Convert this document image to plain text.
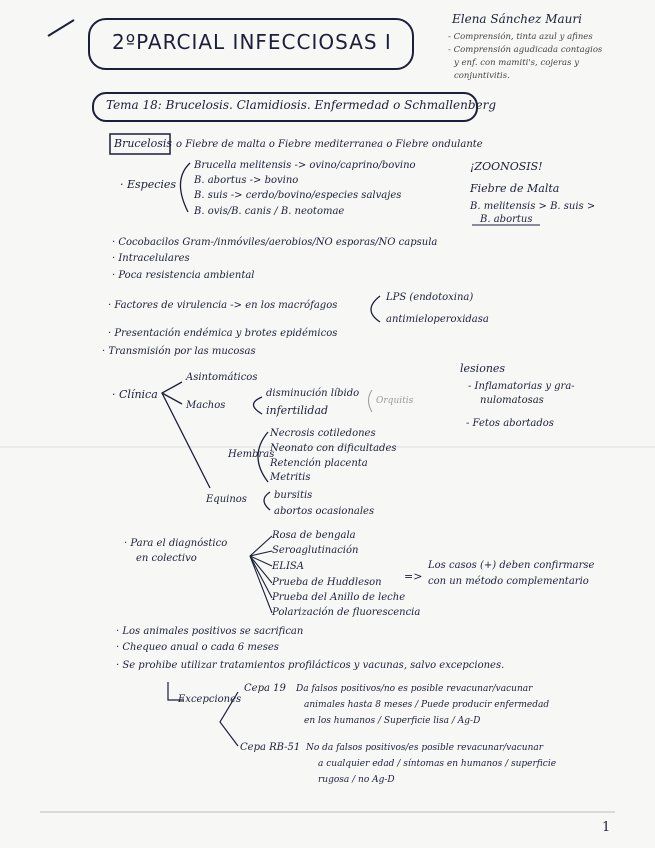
2ºPARCIAL INFECCIOSAS I
Elena Sánchez Mauri
- Comprensión, tinta azul y afines
- Comprensión agudicada contagios
y enf. con mamiti's, cojeras y
conjuntivitis.
Tema 18: Brucelosis. Clamidiosis. Enfermedad o Schmallenberg
Brucelosis o Fiebre de malta o Fiebre mediterranea o Fiebre ondulante
· Especies
Brucella melitensis -> ovino/caprino/bovino
B. abortus -> bovino
B. suis -> cerdo/bovino/especies salvajes
B. ovis/B. canis / B. neotomae
¡ZOONOSIS!
Fiebre de Malta
B. melitensis > B. suis >
B. abortus
· Cocobacilos Gram-/inmóviles/aerobios/NO esporas/NO capsula
· Intracelulares
· Poca resistencia ambiental
· Factores de virulencia -> en los macrófagos
LPS (endotoxina)
antimieloperoxidasa
· Presentación endémica y brotes epidémicos
· Transmisión por las mucosas
· Clínica
Asintomáticos
Machos
disminución líbido
infertilidad
Orquitis
Hembras
Necrosis cotiledones
Neonato con dificultades
Retención placenta
Metritis
Equinos	bursitis
abortos ocasionales
lesiones
- Inflamatorias y gra-
nulomatosas
- Fetos abortados
· Para el diagnóstico
en colectivo
Rosa de bengala
Seroaglutinación
ELISA
Prueba de Huddleson
Prueba del Anillo de leche
Polarización de fluorescencia
=>
Los casos (+) deben confirmarse
con un método complementario
· Los animales positivos se sacrifican
· Chequeo anual o cada 6 meses
· Se prohibe utilizar tratamientos profilácticos y vacunas, salvo excepciones.
Excepciones
Cepa 19 Da falsos positivos/no es posible revacunar/vacunar
animales hasta 8 meses / Puede producir enfermedad
en los humanos / Superficie lisa / Ag-D
Cepa RB-51 No da falsos positivos/es posible revacunar/vacunar
a cualquier edad / síntomas en humanos / superficie
rugosa / no Ag-D
1
